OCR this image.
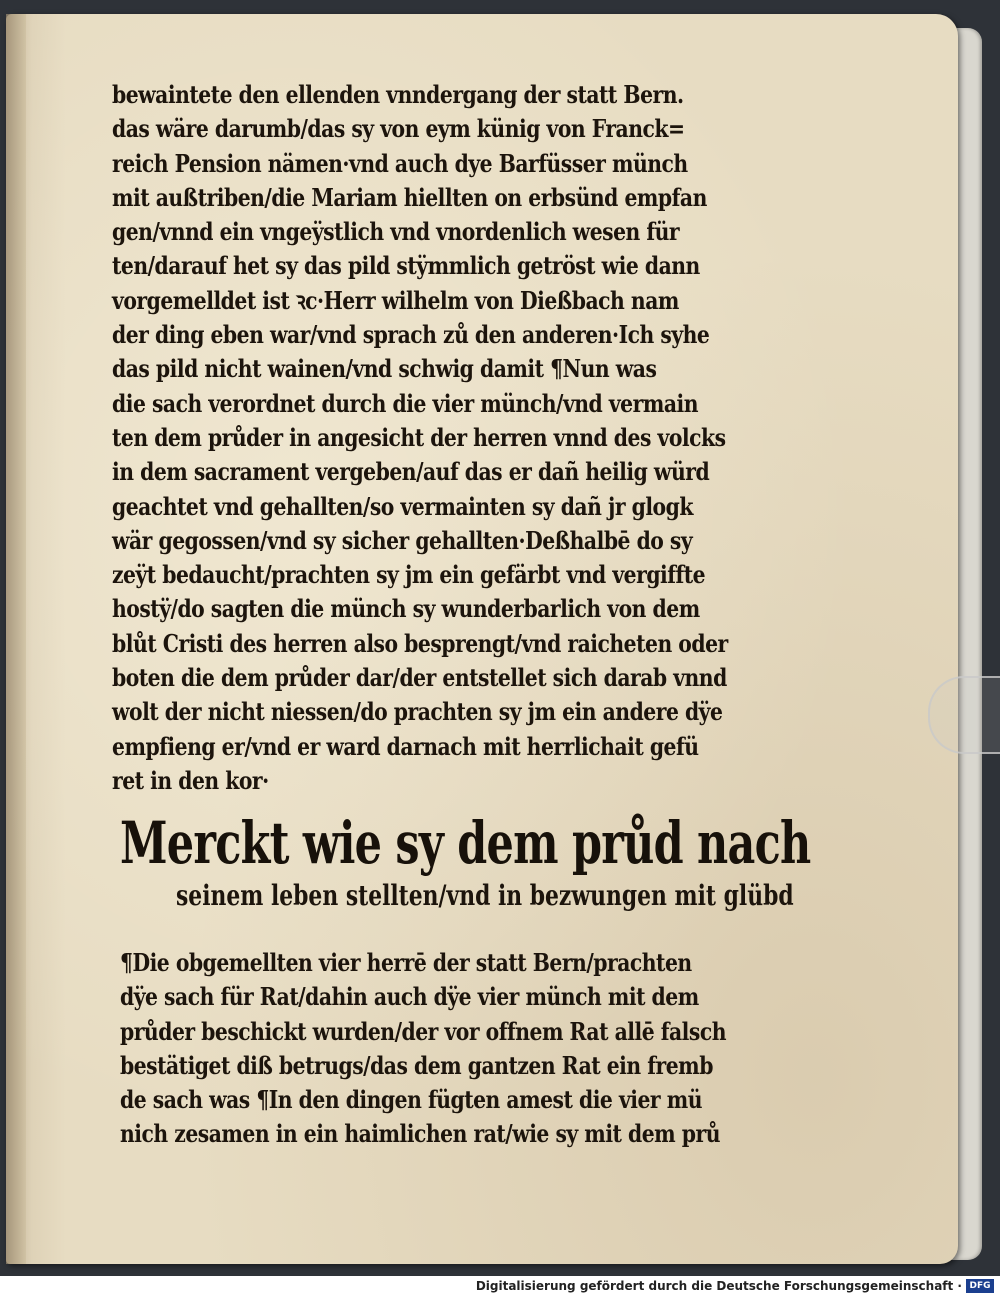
bewaintete den ellenden vnndergang der statt Bern.
das wäre darumb/das sy von eym künig von Franck=
reich Pension nämen·vnd auch dye Barfüsser münch
mit außtriben/die Mariam hiellten on erbsünd empfan
gen/vnnd ein vngeÿstlich vnd vnordenlich wesen für
ten/darauf het sy das pild stÿmmlich getröst wie dann
vorgemelldet ist ꝛc·Herr wilhelm von Dießbach nam
der ding eben war/vnd sprach zů den anderen·Ich syhe
das pild nicht wainen/vnd schwig damit ¶Nun was
die sach verordnet durch die vier münch/vnd vermain
ten dem průder in angesicht der herren vnnd des volcks
in dem sacrament vergeben/auf das er dañ heilig würd
geachtet vnd gehallten/so vermainten sy dañ jr glogk
wär gegossen/vnd sy sicher gehallten·Deßhalbē do sy
zeÿt bedaucht/prachten sy jm ein gefärbt vnd vergiffte
hostÿ/do sagten die münch sy wunderbarlich von dem
blůt Cristi des herren also besprengt/vnd raicheten oder
boten die dem průder dar/der entstellet sich darab vnnd
wolt der nicht niessen/do prachten sy jm ein andere dÿe
empfieng er/vnd er ward darnach mit herrlichait gefü
ret in den kor·
Merckt wie sy dem průd nach
seinem leben stellten/vnd in bezwungen mit glübd
¶Die obgemellten vier herrē der statt Bern/prachten
dÿe sach für Rat/dahin auch dÿe vier münch mit dem
průder beschickt wurden/der vor offnem Rat allē falsch
bestätiget diß betrugs/das dem gantzen Rat ein fremb
de sach was ¶In den dingen fügten amest die vier mü
nich zesamen in ein haimlichen rat/wie sy mit dem prů
Digitalisierung gefördert durch die Deutsche Forschungsgemeinschaft · DFG
